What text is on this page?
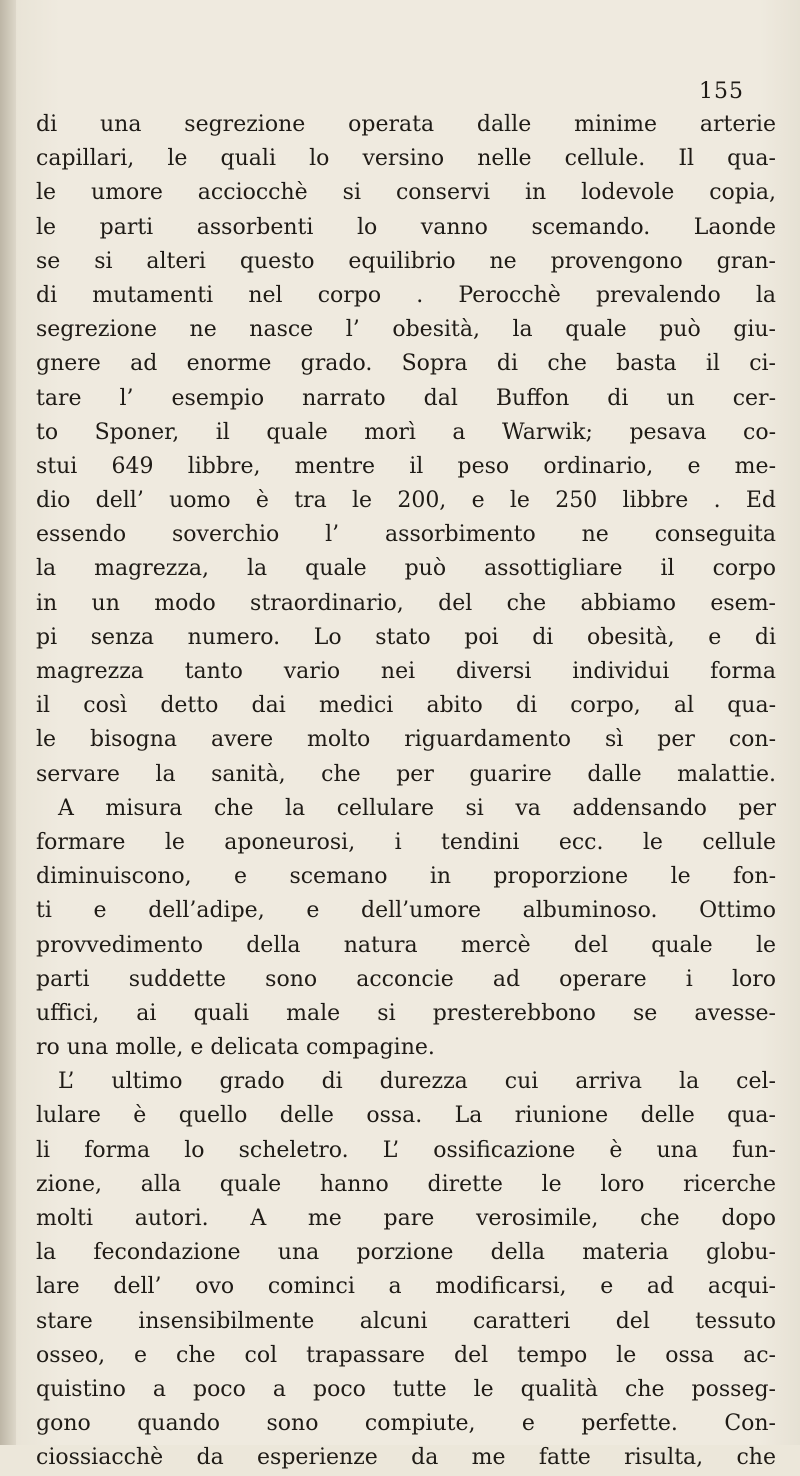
155
di una segrezione operata dalle minime arterie
capillari, le quali lo versino nelle cellule. Il qua-
le umore acciocchè si conservi in lodevole copia,
le parti assorbenti lo vanno scemando. Laonde
se si alteri questo equilibrio ne provengono gran-
di mutamenti nel corpo . Perocchè prevalendo la
segrezione ne nasce l’ obesità, la quale può giu-
gnere ad enorme grado. Sopra di che basta il ci-
tare l’ esempio narrato dal Buffon di un cer-
to Sponer, il quale morì a Warwik; pesava co-
stui 649 libbre, mentre il peso ordinario, e me-
dio dell’ uomo è tra le 200, e le 250 libbre . Ed
essendo soverchio l’ assorbimento ne conseguita
la magrezza, la quale può assottigliare il corpo
in un modo straordinario, del che abbiamo esem-
pi senza numero. Lo stato poi di obesità, e di
magrezza tanto vario nei diversi individui forma
il così detto dai medici abito di corpo, al qua-
le bisogna avere molto riguardamento sì per con-
servare la sanità, che per guarire dalle malattie.
A misura che la cellulare si va addensando per
formare le aponeurosi, i tendini ecc. le cellule
diminuiscono, e scemano in proporzione le fon-
ti e dell’adipe, e dell’umore albuminoso. Ottimo
provvedimento della natura mercè del quale le
parti suddette sono acconcie ad operare i loro
uffici, ai quali male si presterebbono se avesse-
ro una molle, e delicata compagine.
L’ ultimo grado di durezza cui arriva la cel-
lulare è quello delle ossa. La riunione delle qua-
li forma lo scheletro. L’ ossificazione è una fun-
zione, alla quale hanno dirette le loro ricerche
molti autori. A me pare verosimile, che dopo
la fecondazione una porzione della materia globu-
lare dell’ ovo cominci a modificarsi, e ad acqui-
stare insensibilmente alcuni caratteri del tessuto
osseo, e che col trapassare del tempo le ossa ac-
quistino a poco a poco tutte le qualità che posseg-
gono quando sono compiute, e perfette. Con-
ciossiacchè da esperienze da me fatte risulta, che
